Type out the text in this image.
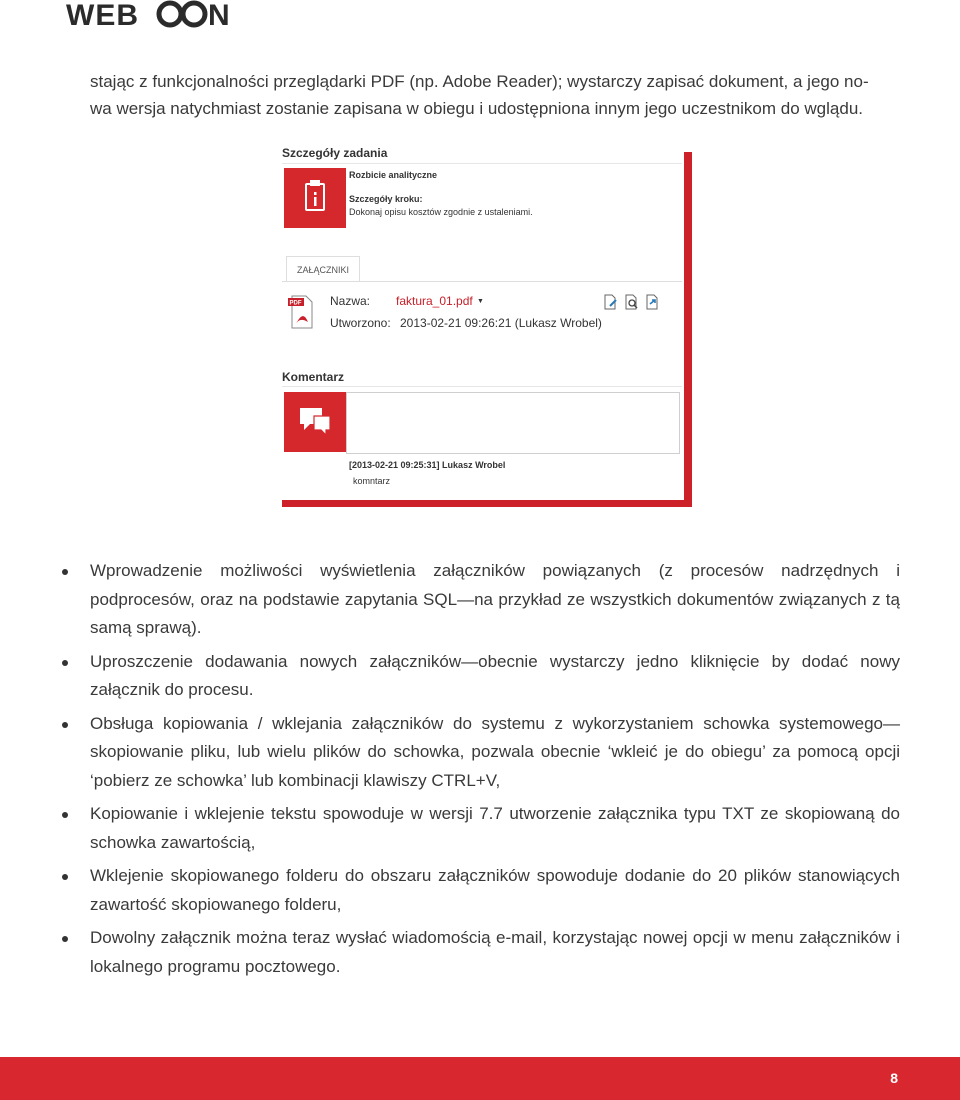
WEB N

stając z funkcjonalności przeglądarki PDF (np. Adobe Reader); wystarczy zapisać dokument, a jego no-

wa wersja natychmiast zostanie zapisana w obiegu i udostępniona innym jego uczestnikom do wglądu.

Szczegóły zadania
Rozbicie analityczne
Szczegóły kroku:
Dokonaj opisu kosztów zgodnie z ustaleniami.
ZAŁĄCZNIKI
PDF Nazwa: faktura_01.pdf ▼
Utworzono: 2013-02-21 09:26:21 (Lukasz Wrobel)
Komentarz
[2013-02-21 09:25:31] Lukasz Wrobel
komntarz
Wprowadzenie możliwości wyświetlenia załączników powiązanych (z procesów nadrzędnych i podprocesów, oraz na podstawie zapytania SQL—na przykład ze wszystkich dokumentów związanych z tą samą sprawą).
Uproszczenie dodawania nowych załączników—obecnie wystarczy jedno kliknięcie by dodać nowy załącznik do procesu.
Obsługa kopiowania / wklejania załączników do systemu z wykorzystaniem schowka systemowego—skopiowanie pliku, lub wielu plików do schowka, pozwala obecnie ‘wkleić je do obiegu’ za pomocą opcji ‘pobierz ze schowka’ lub kombinacji klawiszy CTRL+V,
Kopiowanie i wklejenie tekstu spowoduje w wersji 7.7 utworzenie załącznika typu TXT ze skopiowaną do schowka zawartością,
Wklejenie skopiowanego folderu do obszaru załączników spowoduje dodanie do 20 plików stanowiących zawartość skopiowanego folderu,
Dowolny załącznik można teraz wysłać wiadomością e-mail, korzystając nowej opcji w menu załączników i lokalnego programu pocztowego.
8
